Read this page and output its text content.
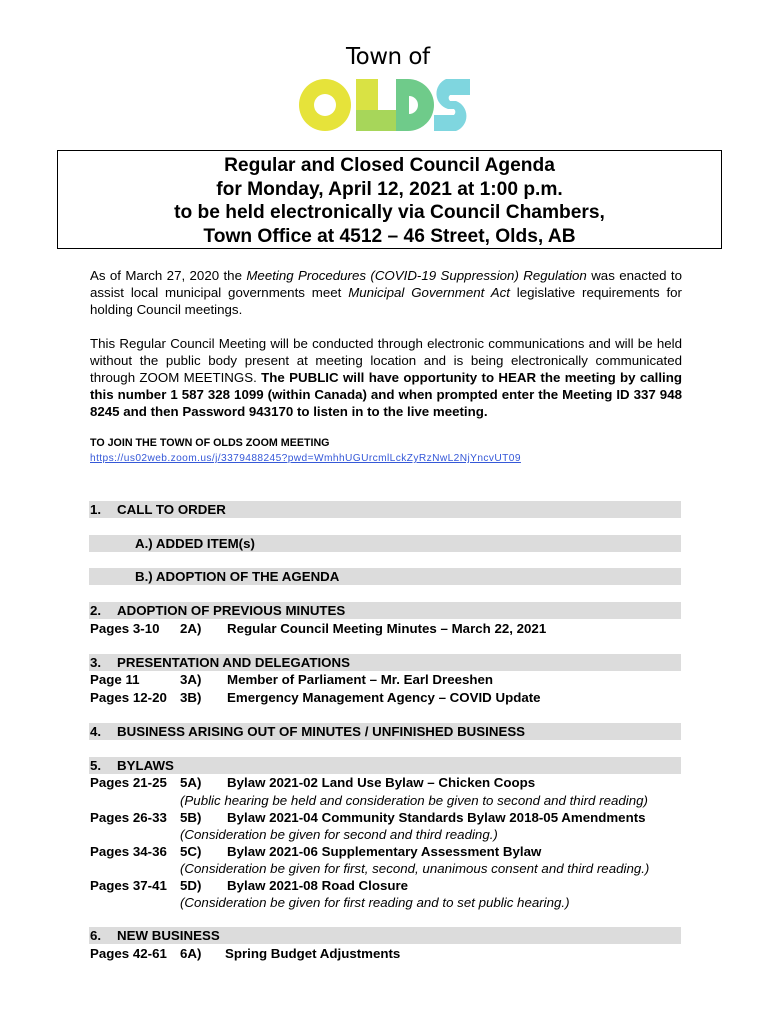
Town of
Regular and Closed Council Agenda
for Monday, April 12, 2021 at 1:00 p.m.
to be held electronically via Council Chambers,
Town Office at 4512 – 46 Street, Olds, AB
As of March 27, 2020 the Meeting Procedures (COVID-19 Suppression) Regulation was enacted to assist local municipal governments meet Municipal Government Act legislative requirements for holding Council meetings.
This Regular Council Meeting will be conducted through electronic communications and will be held without the public body present at meeting location and is being electronically communicated through ZOOM MEETINGS. The PUBLIC will have opportunity to HEAR the meeting by calling this number 1 587 328 1099 (within Canada) and when prompted enter the Meeting ID 337 948 8245 and then Password 943170 to listen in to the live meeting.
TO JOIN THE TOWN OF OLDS ZOOM MEETING
https://us02web.zoom.us/j/3379488245?pwd=WmhhUGUrcmlLckZyRzNwL2NjYncvUT09
1. CALL TO ORDER
A.) ADDED ITEM(s)
B.) ADOPTION OF THE AGENDA
2. ADOPTION OF PREVIOUS MINUTES
Pages 3-10 2A) Regular Council Meeting Minutes – March 22, 2021
3. PRESENTATION AND DELEGATIONS
Page 11	3A) Member of Parliament – Mr. Earl Dreeshen
Pages 12-20 3B) Emergency Management Agency – COVID Update
4. BUSINESS ARISING OUT OF MINUTES / UNFINISHED BUSINESS
5. BYLAWS
Pages 21-25 5A) Bylaw 2021-02 Land Use Bylaw – Chicken Coops
(Public hearing be held and consideration be given to second and third reading)
Pages 26-33 5B) Bylaw 2021-04 Community Standards Bylaw 2018-05 Amendments
(Consideration be given for second and third reading.)
Pages 34-36 5C) Bylaw 2021-06 Supplementary Assessment Bylaw
(Consideration be given for first, second, unanimous consent and third reading.)
Pages 37-41 5D) Bylaw 2021-08 Road Closure
(Consideration be given for first reading and to set public hearing.)
6. NEW BUSINESS
Pages 42-61 6A) Spring Budget Adjustments
